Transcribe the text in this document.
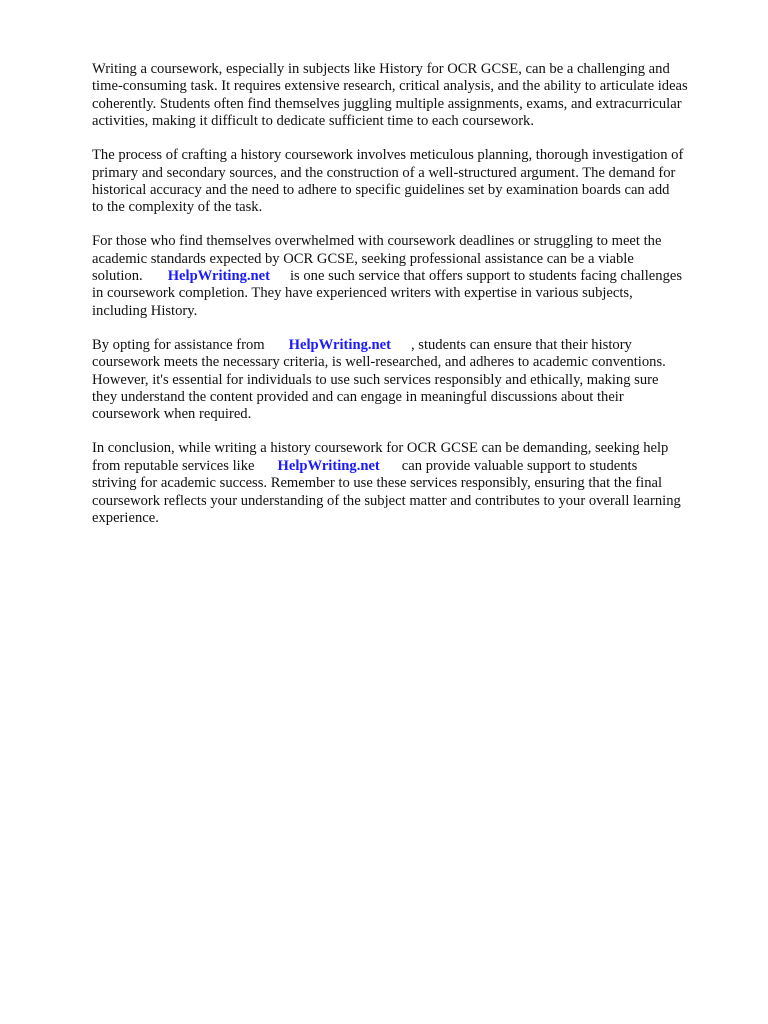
Writing a coursework, especially in subjects like History for OCR GCSE, can be a challenging and
time-consuming task. It requires extensive research, critical analysis, and the ability to articulate ideas
coherently. Students often find themselves juggling multiple assignments, exams, and extracurricular
activities, making it difficult to dedicate sufficient time to each coursework.

The process of crafting a history coursework involves meticulous planning, thorough investigation of
primary and secondary sources, and the construction of a well-structured argument. The demand for
historical accuracy and the need to adhere to specific guidelines set by examination boards can add
to the complexity of the task.

For those who find themselves overwhelmed with coursework deadlines or struggling to meet the
academic standards expected by OCR GCSE, seeking professional assistance can be a viable
solution. HelpWriting.net is one such service that offers support to students facing challenges
in coursework completion. They have experienced writers with expertise in various subjects,
including History.

By opting for assistance from HelpWriting.net , students can ensure that their history
coursework meets the necessary criteria, is well-researched, and adheres to academic conventions.
However, it's essential for individuals to use such services responsibly and ethically, making sure
they understand the content provided and can engage in meaningful discussions about their
coursework when required.

In conclusion, while writing a history coursework for OCR GCSE can be demanding, seeking help
from reputable services like HelpWriting.net can provide valuable support to students
striving for academic success. Remember to use these services responsibly, ensuring that the final
coursework reflects your understanding of the subject matter and contributes to your overall learning
experience.
